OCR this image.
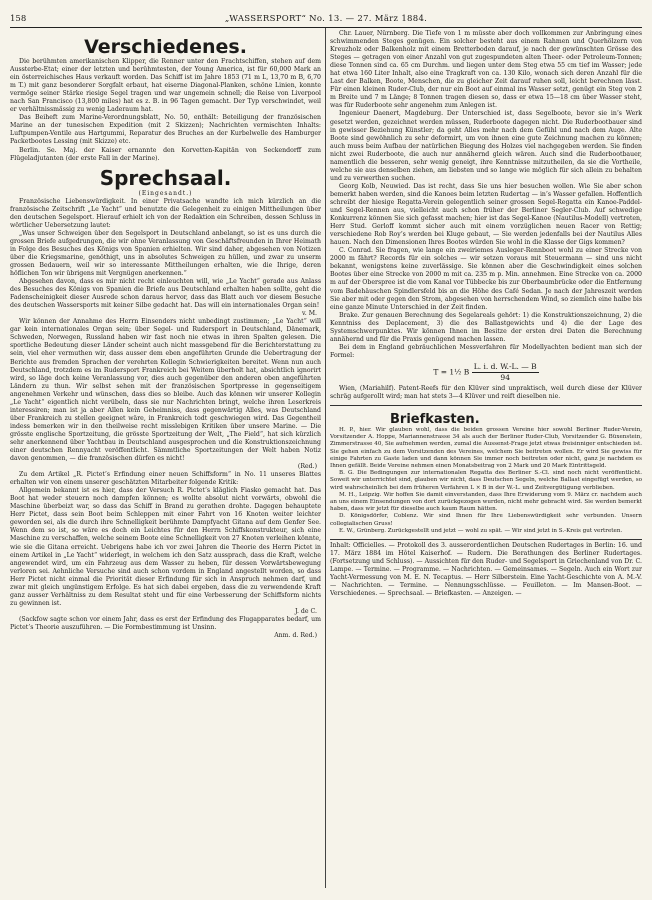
158	„WASSERSPORT“ No. 13. — 27. März 1884.
Verschiedenes.

Die berühmten amerikanischen Klipper, die Renner unter den Frachtschiffen, stehen auf dem Aussterbe-Etat; einer der letzten und berühmtesten, der Young America, ist für 60,000 Mark an ein österreichisches Haus verkauft worden. Das Schiff ist im Jahre 1853 (71 m L, 13,70 m B, 6,70 m T.) mit ganz besonderer Sorgfalt erbaut, hat eiserne Diagonal-Planken, schöne Linien, konnte vermöge seiner Stärke riesige Segel tragen und war ungemein schnell; die Reise von Liverpool nach San Francisco (13,800 miles) hat es z. B. in 96 Tagen gemacht. Der Typ verschwindet, weil er verhältnissmässig zu wenig Laderaum hat.

Das Beiheft zum Marine-Verordnungsblatt, No. 50, enthält: Beteiligung der französischen Marine an der tunesischen Expedition (mit 2 Skizzen); Nachrichten vermischten Inhalts: Luftpumpen-Ventile aus Hartgummi, Reparatur des Bruches an der Kurbelwelle des Hamburger Packetbootes Lessing (mit Skizze) etc.

Berlin. Se. Maj. der Kaiser ernannte den Korvetten-Kapitän von Seckendorff zum Flügeladjutanten (der erste Fall in der Marine).

Sprechsaal.
(Eingesandt.)

Französische Liebenswürdigkeit. In einer Privatsache wandte ich mich kürzlich an die französische Zeitschrift „Le Yacht“ und benutzte die Gelegenheit zu einigen Mittheilungen über den deutschen Segelsport. Hierauf erhielt ich von der Redaktion ein Schreiben, dessen Schluss in wörtlicher Uebersetzung lautet:

„Was unser Schweigen über den Segelsport in Deutschland anbelangt, so ist es uns durch die grossen Briefe aufgedrungen, die wir ohne Veranlassung von Geschäftsfreunden in Ihrer Heimath in Folge des Besuches des Königs von Spanien erhielten. Wir sind daher, abgesehen von Notizen über die Kriegsmarine, genöthigt, uns in absolutes Schweigen zu hüllen, und zwar zu unserm grossen Bedauern, weil wir so interessante Mittheilungen erhalten, wie die Ihrige, deren höflichen Ton wir übrigens mit Vergnügen anerkennen.“

Abgesehen davon, dass es mir nicht recht einleuchten will, wie „Le Yacht“ gerade aus Anlass des Besuches des Königs von Spanien die Briefe aus Deutschland erhalten haben sollte, geht die Fadenscheinigkeit dieser Ausrede schon daraus hervor, dass das Blatt auch vor diesem Besuche des deutschen Wassersports mit keiner Silbe gedacht hat. Das will ein internationales Organ sein!

v. M.

Wir können der Annahme des Herrn Einsenders nicht unbedingt zustimmen; „Le Yacht“ will gar kein internationales Organ sein; über Segel- und Rudersport in Deutschland, Dänemark, Schweden, Norwegen, Russland haben wir fast noch nie etwas in ihren Spalten gelesen. Die sportliche Bedeutung dieser Länder scheint auch nicht massgebend für die Berichterstattung zu sein, viel eher vermuthen wir, dass ausser dem eben angeführten Grunde die Uebertragung der Berichte aus fremden Sprachen der verehrten Kollegin Schwierigkeiten bereitet. Wenn nun auch Deutschland, trotzdem es im Rudersport Frankreich bei Weitem überholt hat, absichtlich ignorirt wird, so läge doch keine Veranlassung vor, dies auch gegenüber den anderen oben angeführten Ländern zu thun. Wir selbst sehen mit der französischen Sportpresse in gegenseitigem angenehmen Verkehr und wünschen, dass dies so bleibe. Auch das können wir unserer Kollegin „Le Yacht“ eigentlich nicht verübeln, dass sie nur Nachrichten bringt, welche ihren Leserkreis interessiren; man ist ja aber Allen kein Geheimniss, dass gegenwärtig Alles, was Deutschland über Frankreich zu stellen geeignet wäre, in Frankreich todt geschwiegen wird. Das Gegentheil indess bemerken wir in den theilweise recht misslebigen Kritiken über unsere Marine. — Die grösste englische Sportzeitung, die grösste Sportzeitung der Welt, „The Field“, hat sich kürzlich sehr anerkennend über Yachtbau in Deutschland ausgesprochen und die Konstruktionszeichnung einer deutschen Rennyacht veröffentlicht. Sämmtliche Sportzeitungen der Welt haben Notiz davon genommen, — die französischen dürfen es nicht!

(Red.)

Zu dem Artikel „R. Pictet’s Erfindung einer neuen Schiffsform“ in No. 11 unseres Blattes erhalten wir von einem unserer geschätzten Mitarbeiter folgende Kritik:

Allgemein bekannt ist es hier, dass der Versuch R. Pictet’s kläglich Fiasko gemacht hat. Das Boot hat weder steuern noch dampfen können; es wollte absolut nicht vorwärts, obwohl die Maschine überbeizt war, so dass das Schiff in Brand zu gerathen drohte. Dagegen behauptete Herr Pictet, dass sein Boot beim Schleppen mit einer Fahrt von 16 Knoten weiter leichter geworden sei, als die durch ihre Schnelligkeit berühmte Dampfyacht Gitana auf dem Genfer See. Wenn dem so ist, so wäre es doch ein Leichtes für den Herrn Schiffskonstrukteur, sich eine Maschine zu verschaffen, welche seinem Boote eine Schnelligkeit von 27 Knoten verleihen könnte, wie sie die Gitana erreicht. Uebrigens habe ich vor zwei Jahren die Theorie des Herrn Pictet in einem Artikel in „Le Yacht“ widerlegt, in welchem ich den Satz aussprach, dass die Kraft, welche angewendet wird, um ein Fahrzeug aus dem Wasser zu heben, für dessen Vorwärtsbewegung verloren sei. Aehnliche Versuche sind auch schon vordem in England angestellt worden, so dass Herr Pictet nicht einmal die Priorität dieser Erfindung für sich in Anspruch nehmen darf, und zwar mit gleich ungünstigem Erfolge. Es hat sich dabei ergeben, dass die zu verwendende Kraft ganz ausser Verhältniss zu dem Resultat steht und für eine Verbesserung der Schiffsform nichts zu gewinnen ist.

J. de C.

(Sackfow sagte schon vor einem Jahr, dass es erst der Erfindung des Flugapparates bedarf, um Pictet’s Theorie auszuführen. — Die Formbestimmung ist Unsinn.

Anm. d. Red.)

Chr. Lauer, Nürnberg. Die Tiefe von 1 m müsste aber doch vollkommen zur Anbringung eines schwimmenden Steges genügen. Ein solcher besteht aus einem Rahmen und Querhölzern von Kreuzholz oder Balkenholz mit einem Bretterboden darauf, je nach der gewünschten Grösse des Steges — getragen von einer Anzahl von gut zugespundeten alten Theer- oder Petroleum-Tonnen; diese Tonnen sind ca. 65 cm Durchm. und liegen unter dem Steg etwa 55 cm tief im Wasser; jede hat etwa 160 Liter Inhalt, also eine Tragkraft von ca. 130 Kilo, wonach sich deren Anzahl für die Last der Balken, Boote, Menschen, die zu gleicher Zeit darauf ruhen soll, leicht berechnen lässt. Für einen kleinen Ruder-Club, der nur ein Boot auf einmal ins Wasser setzt, genügt ein Steg von 2 m Breite und 7 m Länge; 8 Tonnen tragen diesen so, dass er etwa 15—18 cm über Wasser steht, was für Ruderboote sehr angenehm zum Anlegen ist.

Ingenieur Daenert, Magdeburg. Der Unterschied ist, dass Segelboote, bevor sie in’s Werk gesetzt werden, gezeichnet werden müssen, Ruderboote dagegen nicht. Die Ruderbootbauer sind in gewisser Beziehung Künstler; da geht Alles mehr nach dem Gefühl und nach dem Auge. Alte Boote sind gewöhnlich zu sehr deformirt, um von ihnen eine gute Zeichnung machen zu können; auch muss beim Aufbau der natürlichen Biegung des Holzes viel nachgegeben werden. Sie finden nicht zwei Ruderboote, die auch nur annähernd gleich wären. Auch sind die Ruderbootbauer, namentlich die besseren, sehr wenig geneigt, ihre Kenntnisse mitzutheilen, da sie die Vortheile, welche sie aus denselben ziehen, am liebsten und so lange wie möglich für sich allein zu behalten und zu verwerthen suchen.

Georg Kolb, Neuwied. Das ist recht, dass Sie uns hier besuchen wollen. Wie Sie aber schon bemerkt haben werden, sind die Kanoes beim letzten Rudertag — in’s Wasser gefallen. Hoffentlich schreibt der hiesige Regatta-Verein gelegentlich seiner grossen Segel-Regatta ein Kanoe-Paddel- und Segel-Rennen aus, vielleicht auch schon früher der Berliner Segler-Club. Auf schwedige Konkurrenz können Sie sich gefasst machen; hier ist das Segel-Kanoe (Nautilus-Modell) vertreten, Herr Stud. Gerloff kommt sicher auch mit einem vorzüglichen neuen Racer von Rettig; verschiedene Rob Roy’s werden bei Kluge gebaut, — Sie werden jedenfalls bei der Nautilus Alles hauen. Nach den Dimensionen Ihres Bootes würden Sie wohl in die Klasse der Gigs kommen?

C. Conrad. Sie fragen, wie lange ein zweiriemes Ausleger-Rennboot wohl zu einer Strecke von 2000 m fährt? Records für ein solches — wir setzen voraus mit Steuermann — sind uns nicht bekannt, wenigstens keine zuverlässige. Sie können aber die Geschwindigkeit eines solchen Bootes über eine Strecke von 2000 m mit ca. 235 m p. Min. annehmen. Eine Strecke von ca. 2000 m auf der Oberspree ist die vom Kanal vor Tübbecke bis zur Oberbaumbrücke oder die Entfernung vom Badehäuschen Spindlersfeld bis an die Höhe des Café Sedan. Je nach der Jahreszeit werden Sie aber mit oder gegen den Strom, abgesehen von herrschendem Wind, so ziemlich eine halbe bis eine ganze Minute Unterschied in der Zeit finden.

Brake. Zur genauen Berechnung des Segelareals gehört: 1) die Konstruktionszeichnung, 2) die Kenntniss des Deplacement, 3) die des Ballastgewichts und 4) die der Lage des Systemschwerpunktes. Wir können Ihnen im Besitze der ersten drei Daten die Berechnung annähernd und für die Praxis genügend machen lassen.

Bei dem in England gebräuchlichen Messverfahren für Modellyachten bedient man sich der Formel:

T = 1½ B $\frac{L. i. d. W.-L. — B}{94}$

Wien, (Mariahilf). Patent-Reefs für den Klüver sind unpraktisch, weil durch diese der Klüver schräg aufgerollt wird; man hat stets 3—4 Klüver und reift dieselben nie.

Briefkasten.

H. P., hier. Wir glauben wohl, dass die beiden grossen Vereine hier sowohl Berliner Ruder-Verein, Vorsitzender A. Hoppe, Mariannenstrasse 34 als auch der Berliner Ruder-Club, Vorsitzender G. Büxenstein, Zimmerstrasse 40, Sie aufnehmen werden, zumal die Aussenst-Frage jetzt etwas freisinniger entschieden ist. Sie gehen einfach zu dem Vorsitzenden des Vereines, welchem Sie beitreten wollen. Er wird Sie gewiss für einige Fahrten zu Gaste laden und dann können Sie immer noch beitreten oder nicht, ganz je nachdem es Ihnen gefällt. Beide Vereine nehmen einen Monatsbeitrag von 2 Mark und 20 Mark Eintrittsgeld.

B. G. Die Bedingungen zur internationalen Regatta des Berliner S.-Cl. sind noch nicht veröffentlicht. Soweit wir unterrichtet sind, glauben wir nicht, dass Deutschen Segeln, welche Ballast eingefügt werden, so wird wahrscheinlich bei dem früheren Verfahren L × B in der W.-L. und Zeitvergütigung verblieben.

M. H., Leipzig. Wir hoffen Sie damit einverstanden, dass Ihre Erwiderung vom 9. März cr. nachdem auch an uns einem Einsendungen von dort zurückgezogen wurden, nicht mehr gebracht wird. Sie werden bemerkt haben, dass wir jetzt für dieselbe auch kaum Raum hätten.

D. Königsdörfer, Coblenz. Wir sind Ihnen für Ihre Liebenswürdigkeit sehr verbunden. Unsern collegialischen Gruss!

E. W., Grünberg. Zurückgestellt und jetzt — wohl zu spät. — Wir sind jetzt in S.-Kreis gut vertreten.

Inhalt: Officielles. — Protokoll des 3. ausserordentlichen Deutschen Rudertages in Berlin: 16. und 17. März 1884 im Hôtel Kaiserhof. — Rudern. Die Berathungen des Berliner Rudertages. (Fortsetzung und Schluss). — Aussichten für den Ruder- und Segelsport in Griechenland von Dr. C. Lampe. — Termine. — Programme. — Nachrichten. — Gemeinsames. — Segeln. Auch ein Wort zur Yacht-Vermessung von M. E. N. Tecaptus. — Herr Silberstein. Eine Yacht-Geschichte von A. M.-V. — Nachrichten. — Termine. — Nennungsschlüsse. — Feuilleton. — Im Mansen-Boot. — Verschiedenes. — Sprechsaal. — Briefkasten. — Anzeigen. —
